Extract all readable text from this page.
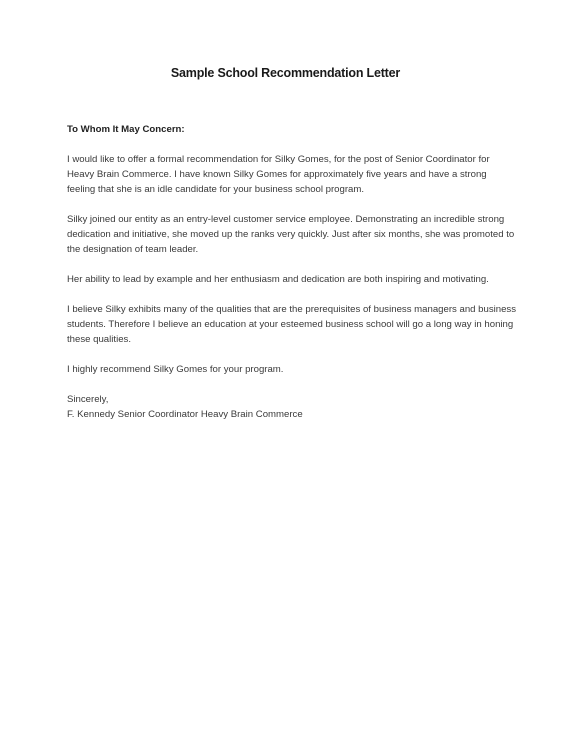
Sample School Recommendation Letter

To Whom It May Concern:

I would like to offer a formal recommendation for Silky Gomes, for the post of Senior Coordinator for Heavy Brain Commerce. I have known Silky Gomes for approximately five years and have a strong feeling that she is an idle candidate for your business school program.

Silky joined our entity as an entry-level customer service employee. Demonstrating an incredible strong dedication and initiative, she moved up the ranks very quickly. Just after six months, she was promoted to the designation of team leader.

Her ability to lead by example and her enthusiasm and dedication are both inspiring and motivating.

I believe Silky exhibits many of the qualities that are the prerequisites of business managers and business students. Therefore I believe an education at your esteemed business school will go a long way in honing these qualities.

I highly recommend Silky Gomes for your program.

Sincerely,

F. Kennedy Senior Coordinator Heavy Brain Commerce
